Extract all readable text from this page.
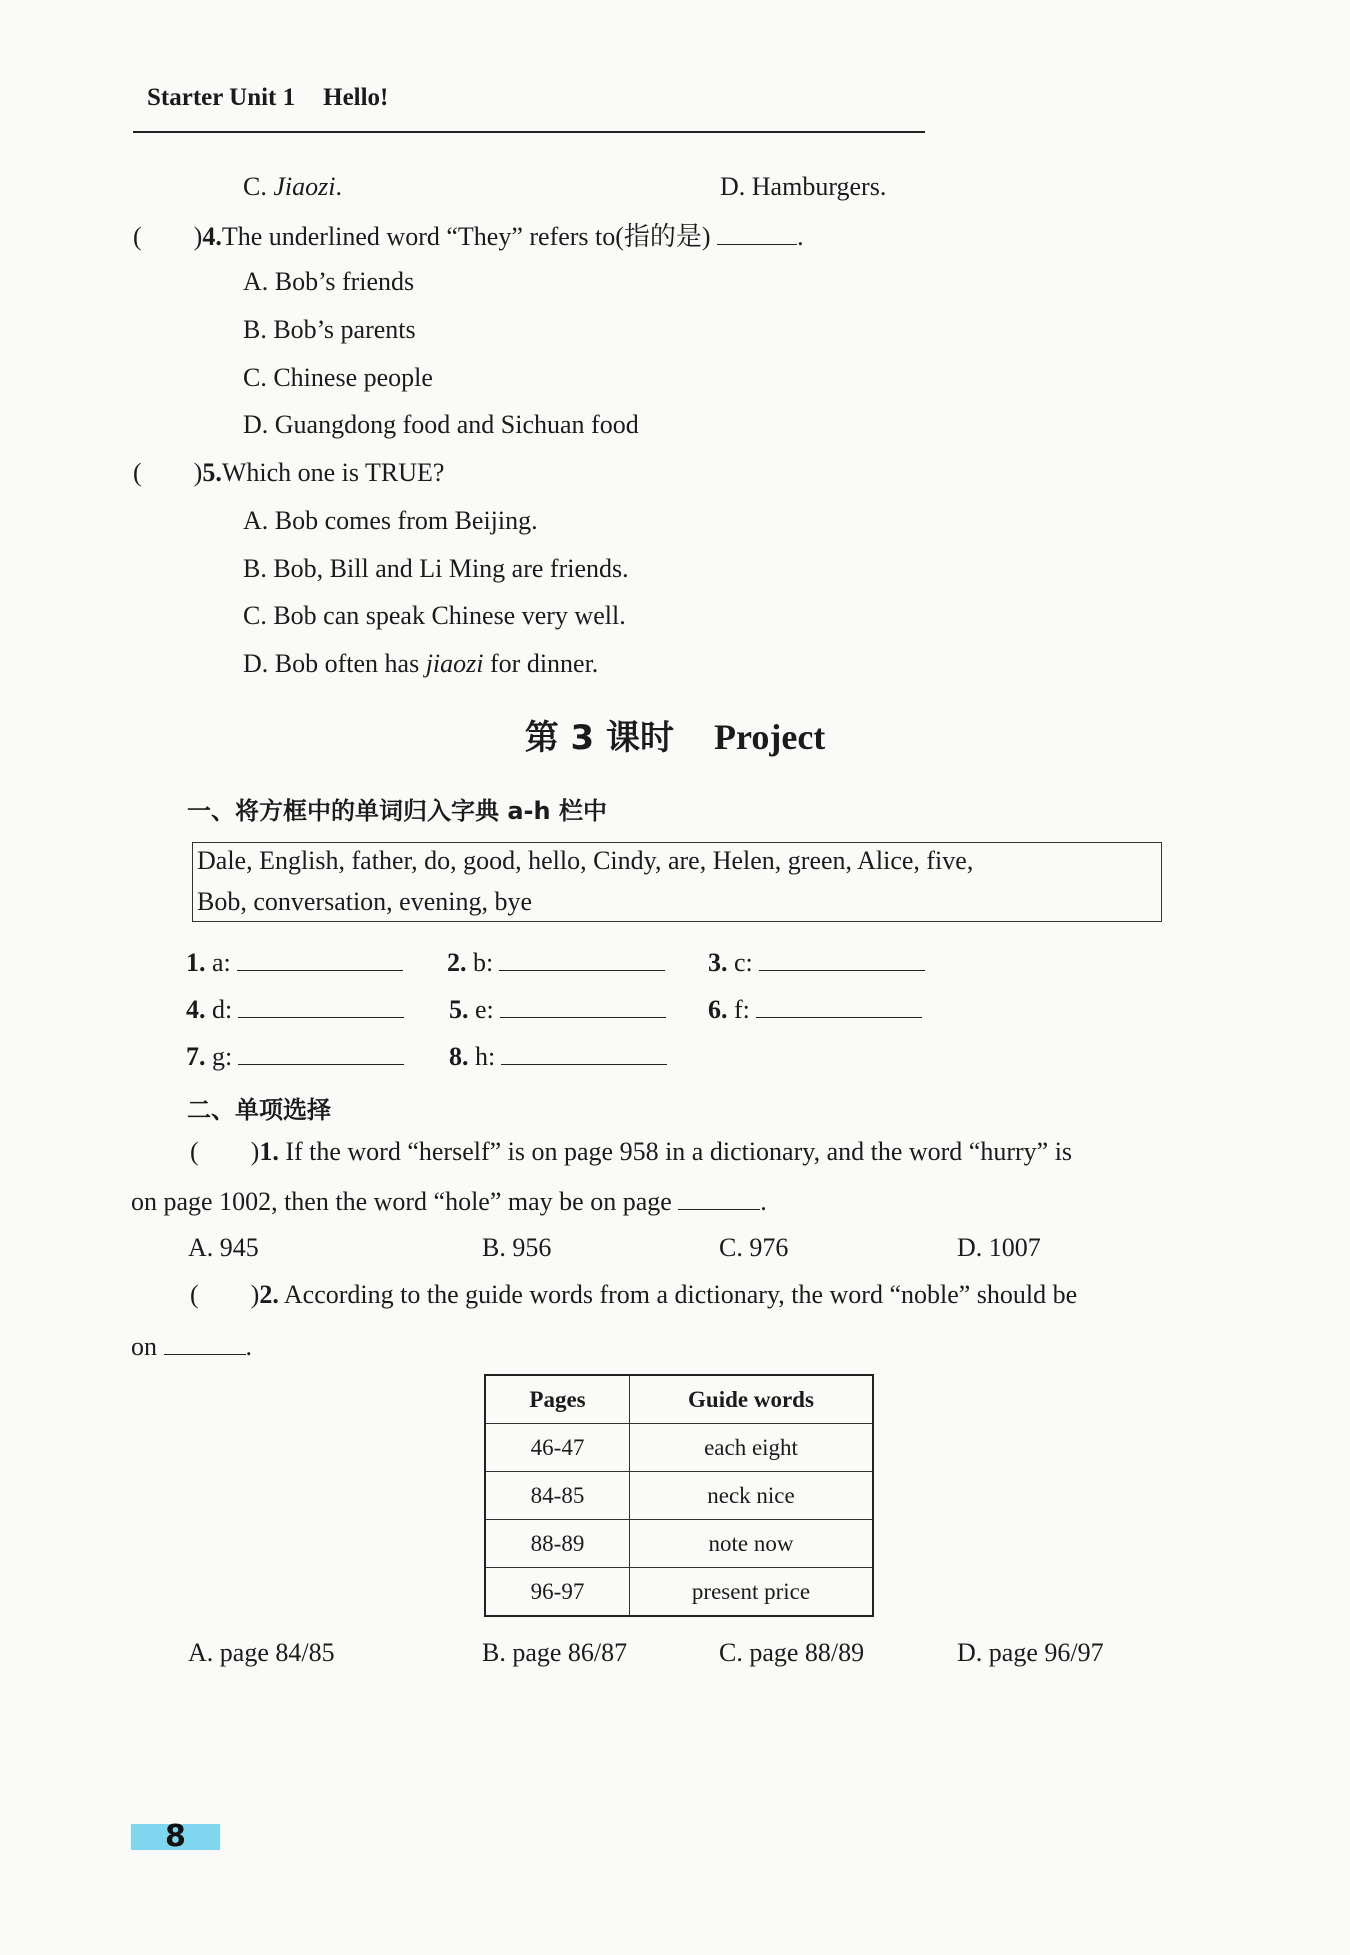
Starter Unit 1 Hello!
C. Jiaozi.	D. Hamburgers.
(　　)4.The underlined word “They” refers to(指的是)	.
A. Bob’s friends
B. Bob’s parents
C. Chinese people
D. Guangdong food and Sichuan food
(　　)5.Which one is TRUE?
A. Bob comes from Beijing.
B. Bob, Bill and Li Ming are friends.
C. Bob can speak Chinese very well.
D. Bob often has jiaozi for dinner.
第 3 课时 Project
一、将方框中的单词归入字典 a-h 栏中
Dale, English, father, do, good, hello, Cindy, are, Helen, green, Alice, five,
Bob, conversation, evening, bye
1. a:	2. b:	3. c:
4. d:	5. e:	6. f:
7. g:	8. h:
二、单项选择
(　　)1. If the word “herself” is on page 958 in a dictionary, and the word “hurry” is
on page 1002, then the word “hole” may be on page	.
A. 945	B. 956	C. 976	D. 1007
(　　)2. According to the guide words from a dictionary, the word “noble” should be
on	.
Pages	Guide words
46-47	each eight
84-85	neck nice
88-89	note now
96-97	present price
A. page 84/85	B. page 86/87	C. page 88/89	D. page 96/97
8
